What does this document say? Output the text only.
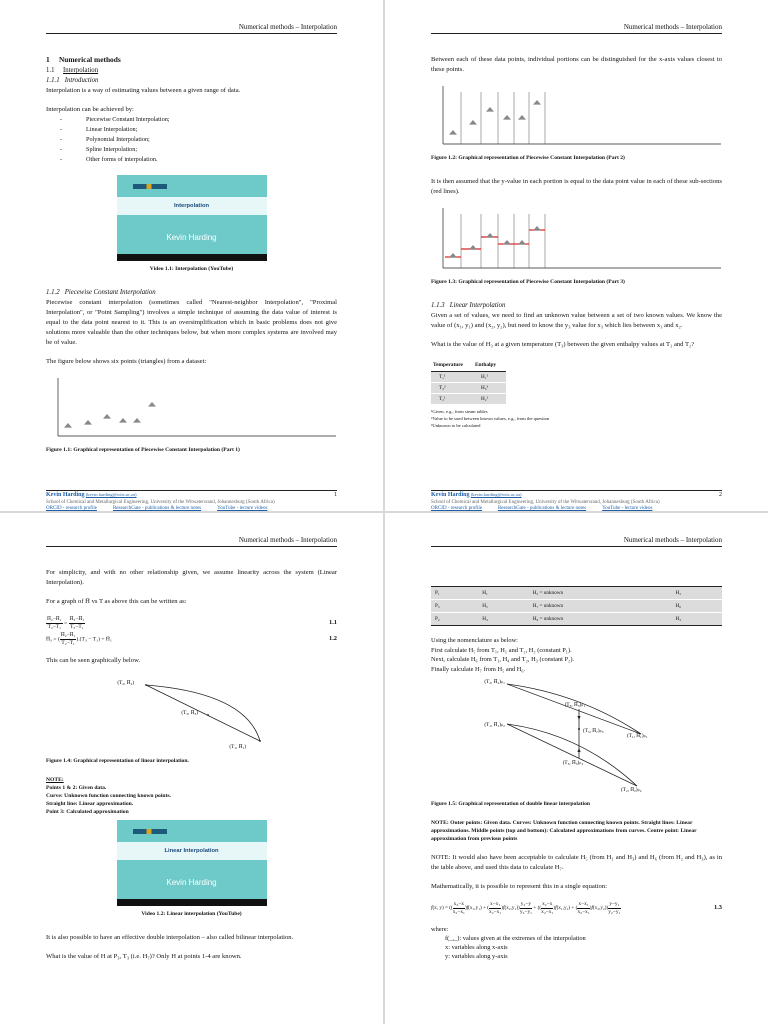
Numerical methods – Interpolation
1 Numerical methods
1.1 Interpolation
1.1.1 Introduction

Interpolation is a way of estimating values between a given range of data.

Interpolation can be achieved by:

- Piecewise Constant Interpolation;
- Linear Interpolation;
- Polynomial Interpolation;
- Spline Interpolation;
- Other forms of interpolation.
Interpolation
Kevin Harding
Video 1.1: Interpolation (YouTube)
1.1.2 Piecewise Constant Interpolation

Piecewise constant interpolation (sometimes called "Nearest-neighbor Interpolation", "Proximal Interpolation", or "Point Sampling") involves a simple technique of assuming the data value of interest is equal to the data point nearest to it. This is an oversimplification which in basic problems does not give solutions more valuable than the other techniques below, but when more complex systems are involved may be of value.

The figure below shows six points (triangles) from a dataset:

Figure 1.1: Graphical representation of Piecewise Constant Interpolation (Part 1)
Kevin Harding (kevin.harding@wits.ac.za)
School of Chemical and Metallurgical Engineering, University of the Witwatersrand, Johannesburg (South Africa)
ORCID - research profile	ResearchGate - publications & lecture notes	YouTube - lecture videos
1
Numerical methods – Interpolation

Between each of these data points, individual portions can be distinguished for the x-axis values closest to these points.

Figure 1.2: Graphical representation of Piecewise Constant Interpolation (Part 2)

It is then assumed that the y-value in each portion is equal to the data point value in each of these sub-sections (red lines).

Figure 1.3: Graphical representation of Piecewise Constant Interpolation (Part 3)
1.1.3 Linear Interpolation

Given a set of values, we need to find an unknown value between a set of two known values. We know the value of (x₁, y₁) and (x₂, y₂), but need to know the y₃ value for x₃ which lies between x₁ and x₂.

What is the value of H₃ at a given temperature (T₃) between the given enthalpy values at T₁ and T₂?

Temperature	Enthalpy
T₁¹	H₁¹
T₃²	H₃³
T₂¹	H₂¹
¹Given, e.g., from steam tables
²Value to be used between known values, e.g., from the question
³Unknown to be calculated
Kevin Harding (kevin.harding@wits.ac.za)
School of Chemical and Metallurgical Engineering, University of the Witwatersrand, Johannesburg (South Africa)
ORCID - research profile	ResearchGate - publications & lecture notes	YouTube - lecture videos
2
Numerical methods – Interpolation

For simplicity, and with no other relationship given, we assume linearity across the system (Linear Interpolation).

For a graph of H̅ vs T as above this can be written as:

$\frac{\text{H̅₂−H̅₁}}{\text{T₂−T₁}} = \frac{\text{H̅₃−H̅₁}}{\text{T₃−T₁}}$	1.1
H̅₃ = ( $\frac{\text{H̅₂−H̅₁}}{\text{T₂−T₁}} ).(T_3 - T_1)$ + H̅₁	1.2

This can be seen graphically below.

(T₂, H̅₂)
(T₃, H̅₃)
(T₁, H̅₁)
Figure 1.4: Graphical representation of linear interpolation.
NOTE:
Points 1 & 2: Given data.
Curve: Unknown function connecting known points.
Straight line: Linear approximation.
Point 3: Calculated approximation
Linear Interpolation
Kevin Harding
Video 1.2: Linear interpolation (YouTube)

It is also possible to have an effective double interpolation – also called bilinear interpolation.

What is the value of H at P₃, T₃ (i.e. H₇)? Only H at points 1-4 are known.

Numerical methods – Interpolation
P₁	H₁	H₃ = unknown	H₂
P₃	H₅	H₇ = unknown	H₆
P₂	H₄	H₈ = unknown	H₃
Using the nomenclature as below:
First calculate H₅ from T₁, H₁ and T₂, H₂ (constant P₁).
Next, calculate H₆ from T₁, H₄ and T₂, H₃ (constant P₂).
Finally calculate H₇ from H₅ and H₆.
(T₂, H̅₂)ₚ₁
(T₃, H̅₃)ₚ₁
(T₁, H̅₁)ₚ₂
(T₃, H̅₇)ₚ₃
(T₁, H̅₁)ₚ₁
(T₃, H̅₃)ₚ₂
(T₂, H̅₂)ₚ₂
Figure 1.5: Graphical representation of double linear interpolation
NOTE: Outer points: Given data. Curves: Unknown function connecting known points. Straight lines: Linear approximations. Middle points (top and bottom): Calculated approximations from curves. Centre point: Linear approximation from previous points

NOTE: It would also have been acceptable to calculate H₅ (from H₁ and H₃) and H₆ (from H₂ and H₃), as in the table above, and used this data to calculate H₇.

Mathematically, it is possible to represent this in a single equation:

f(x, y) = (( $\frac{\text{x₂−x}}{\text{x₂−x₁}} )f(x_1,y_1)$ + ( $\frac{\text{x−x₁}}{\text{x₂−x₁}} )f(x_2,y_1)) \frac{\text{y₂−y}}{\text{y₂−y₁}}$ + (( $\frac{\text{x₂−x}}{\text{x₂−x₁}} )f(x_1,y_2)$ + ( $\frac{\text{x−x₁}}{\text{x₂−x₁}} )f(x_2,y_2)) \frac{\text{y−y₁}}{\text{y₂−y₁}}$	1.3
where:
f(_,_): values given at the extremes of the interpolation
x: variables along x-axis
y: variables along y-axis
